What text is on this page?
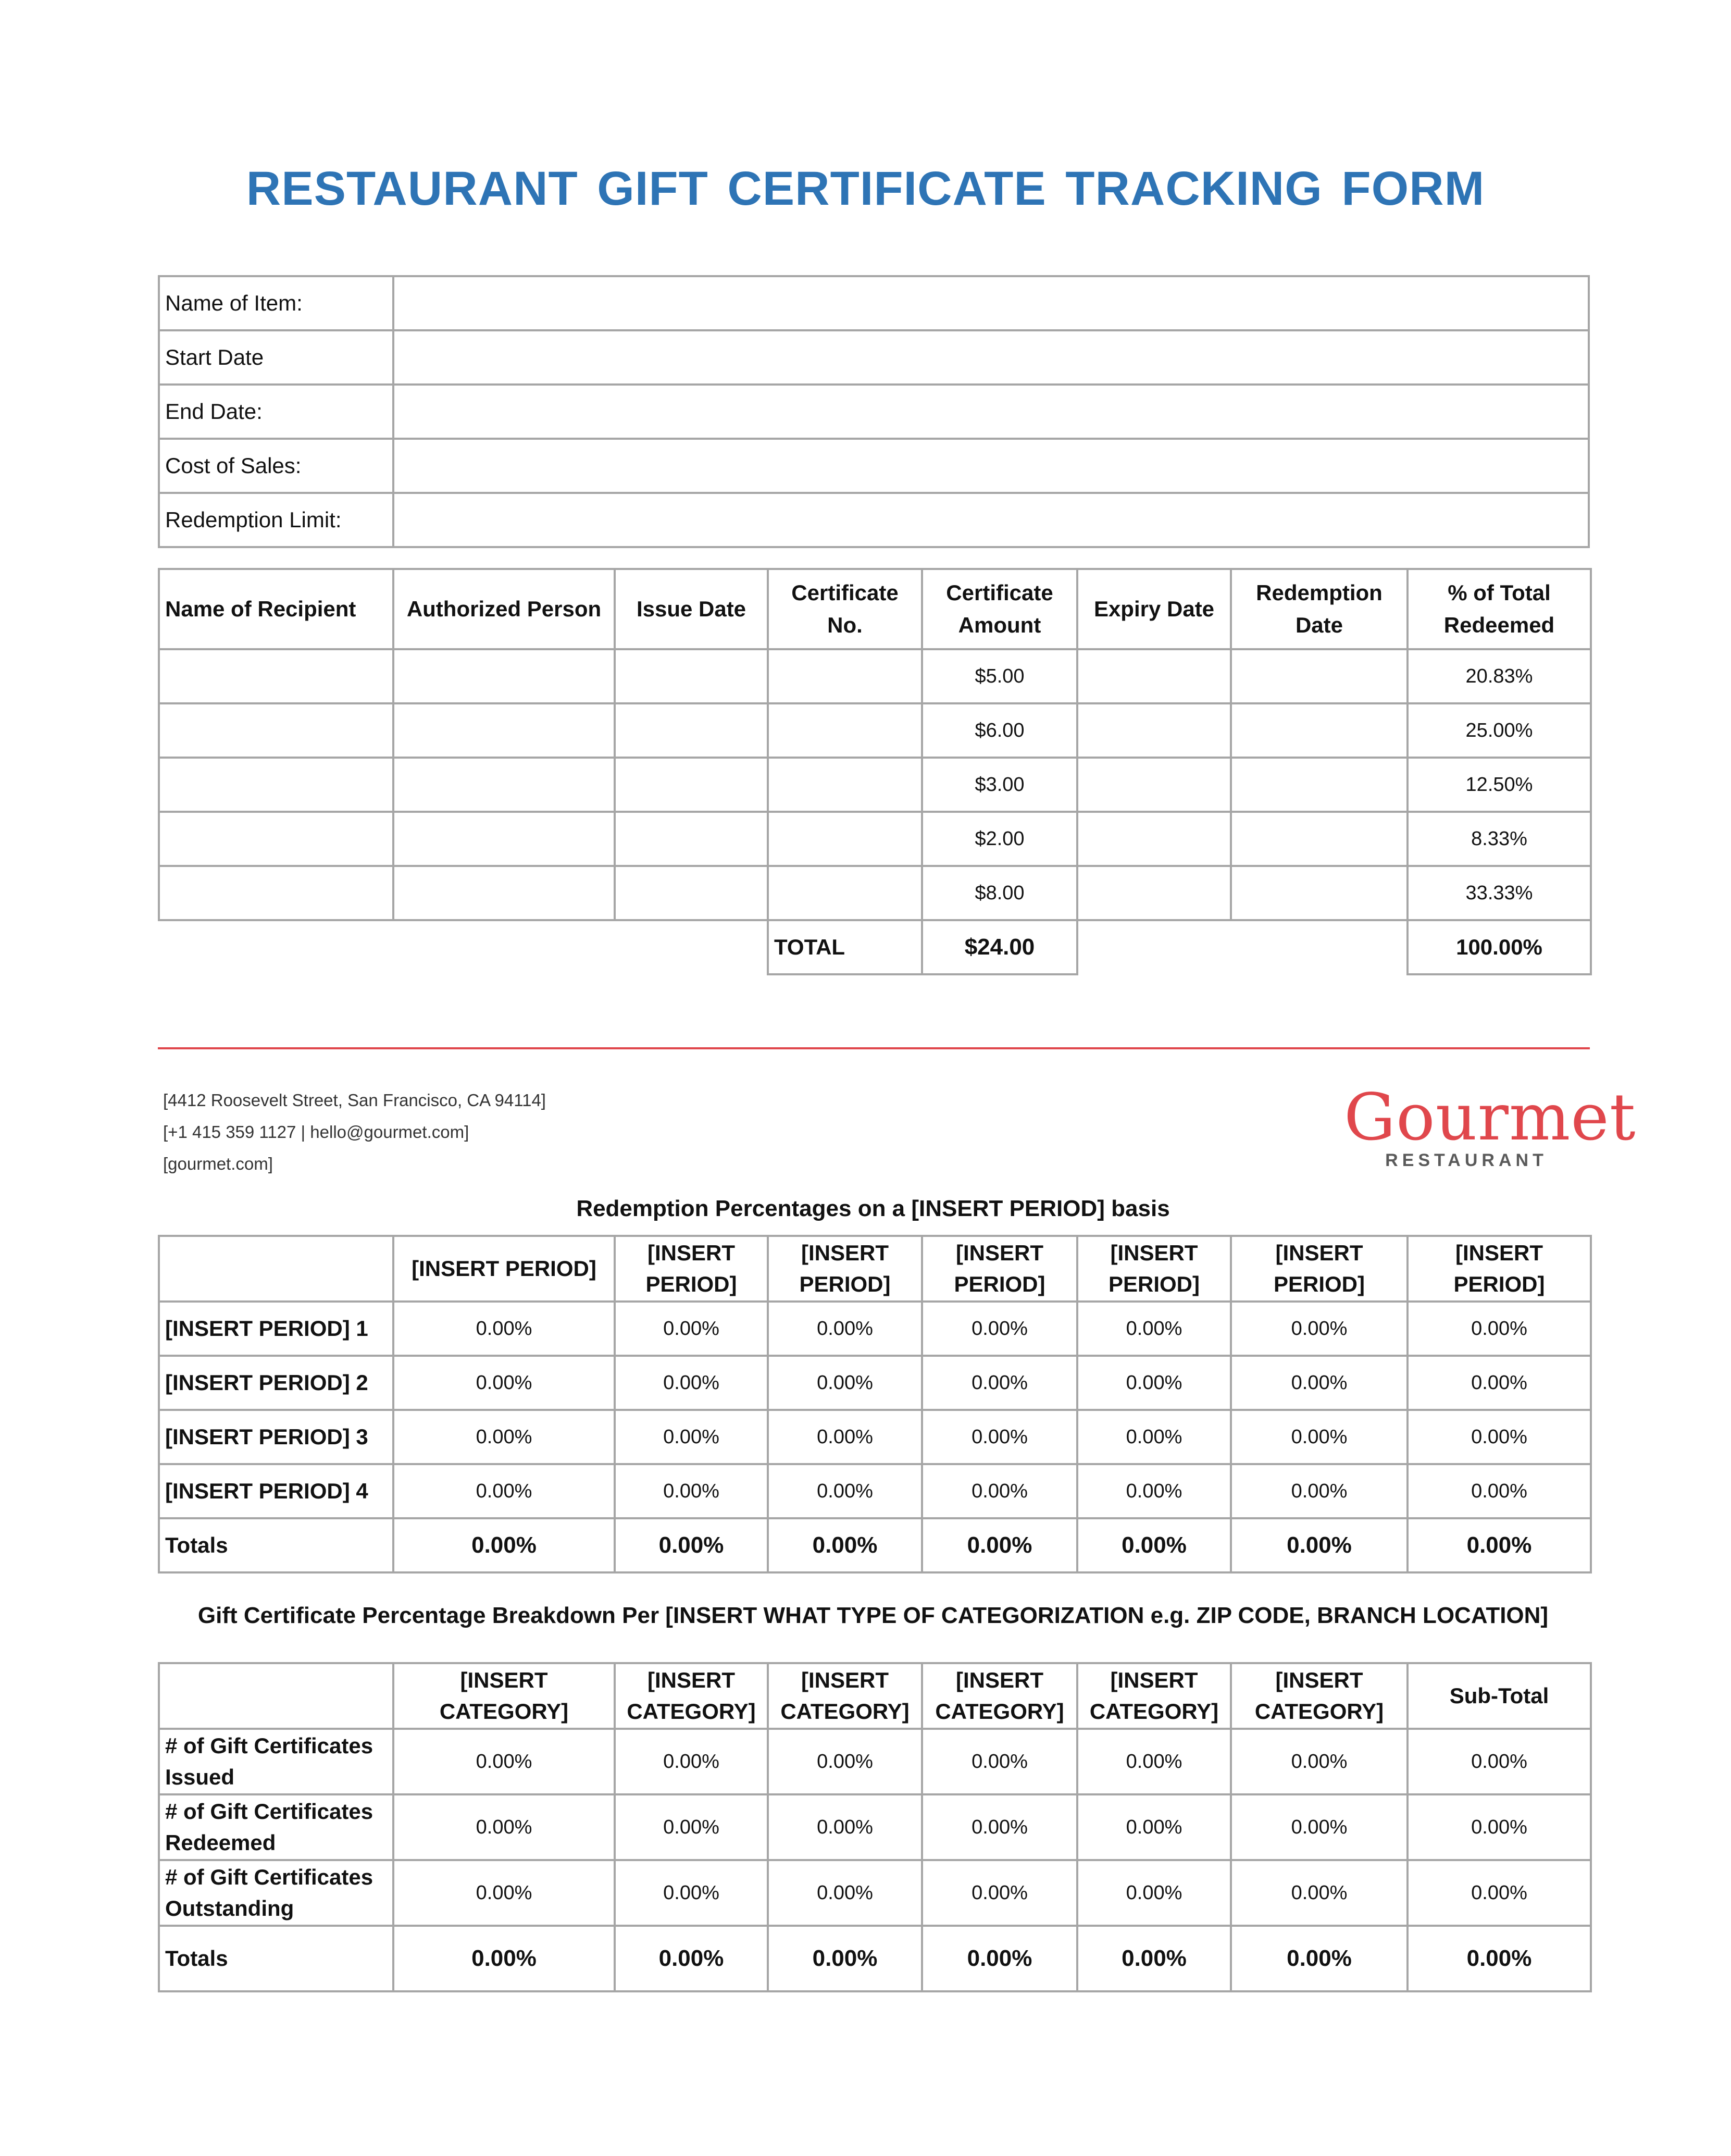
RESTAURANT GIFT CERTIFICATE TRACKING FORM
Name of Item:	
Start Date	
End Date:	
Cost of Sales:	
Redemption Limit:	
Name of Recipient	Authorized Person	Issue Date	Certificate No.	Certificate Amount	Expiry Date	Redemption Date	% of Total Redeemed
				$5.00			20.83%
				$6.00			25.00%
				$3.00			12.50%
				$2.00			8.33%
				$8.00			33.33%
			TOTAL	$24.00			100.00%
[4412 Roosevelt Street, San Francisco, CA 94114]
[+1 415 359 1127 | hello@gourmet.com]
[gourmet.com]
Gourmet
RESTAURANT
Redemption Percentages on a [INSERT PERIOD] basis
	[INSERT PERIOD]	[INSERT PERIOD]	[INSERT PERIOD]	[INSERT PERIOD]	[INSERT PERIOD]	[INSERT PERIOD]	[INSERT PERIOD]
[INSERT PERIOD] 1	0.00%	0.00%	0.00%	0.00%	0.00%	0.00%	0.00%
[INSERT PERIOD] 2	0.00%	0.00%	0.00%	0.00%	0.00%	0.00%	0.00%
[INSERT PERIOD] 3	0.00%	0.00%	0.00%	0.00%	0.00%	0.00%	0.00%
[INSERT PERIOD] 4	0.00%	0.00%	0.00%	0.00%	0.00%	0.00%	0.00%
Totals	0.00%	0.00%	0.00%	0.00%	0.00%	0.00%	0.00%
Gift Certificate Percentage Breakdown Per [INSERT WHAT TYPE OF CATEGORIZATION e.g. ZIP CODE, BRANCH LOCATION]
	[INSERT CATEGORY]	[INSERT CATEGORY]	[INSERT CATEGORY]	[INSERT CATEGORY]	[INSERT CATEGORY]	[INSERT CATEGORY]	Sub-Total
# of Gift Certificates Issued	0.00%	0.00%	0.00%	0.00%	0.00%	0.00%	0.00%
# of Gift Certificates Redeemed	0.00%	0.00%	0.00%	0.00%	0.00%	0.00%	0.00%
# of Gift Certificates Outstanding	0.00%	0.00%	0.00%	0.00%	0.00%	0.00%	0.00%
Totals	0.00%	0.00%	0.00%	0.00%	0.00%	0.00%	0.00%
